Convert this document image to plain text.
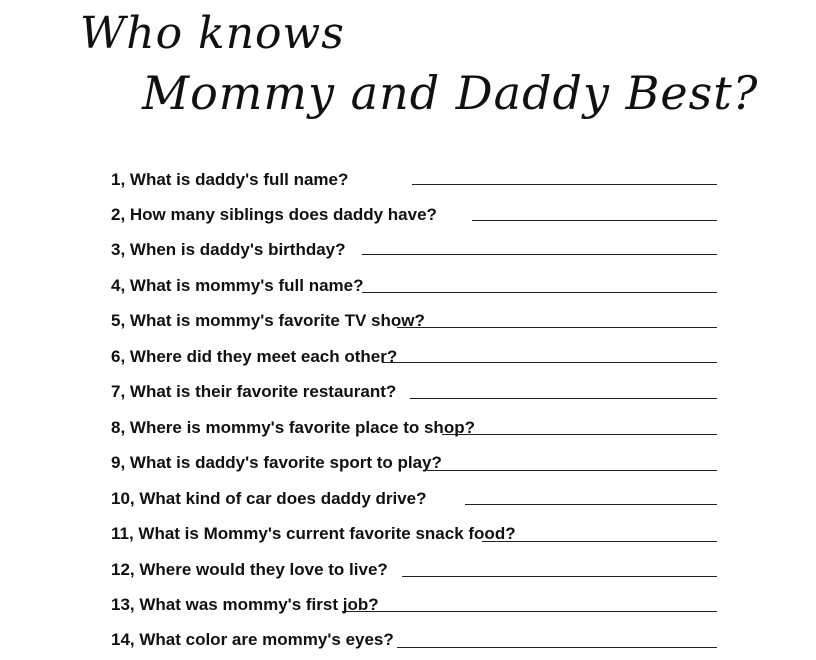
Who knows
Mommy and Daddy Best?
1, What is daddy's full name?
2, How many siblings does daddy have?
3, When is daddy's birthday?
4, What is mommy's full name?
5, What is mommy's favorite TV show?
6, Where did they meet each other?
7, What is their favorite restaurant?
8, Where is mommy's favorite place to shop?
9, What is daddy's favorite sport to play?
10, What kind of car does daddy drive?
11, What is Mommy's current favorite snack food?
12, Where would they love to live?
13, What was mommy's first job?
14, What color are mommy's eyes?
